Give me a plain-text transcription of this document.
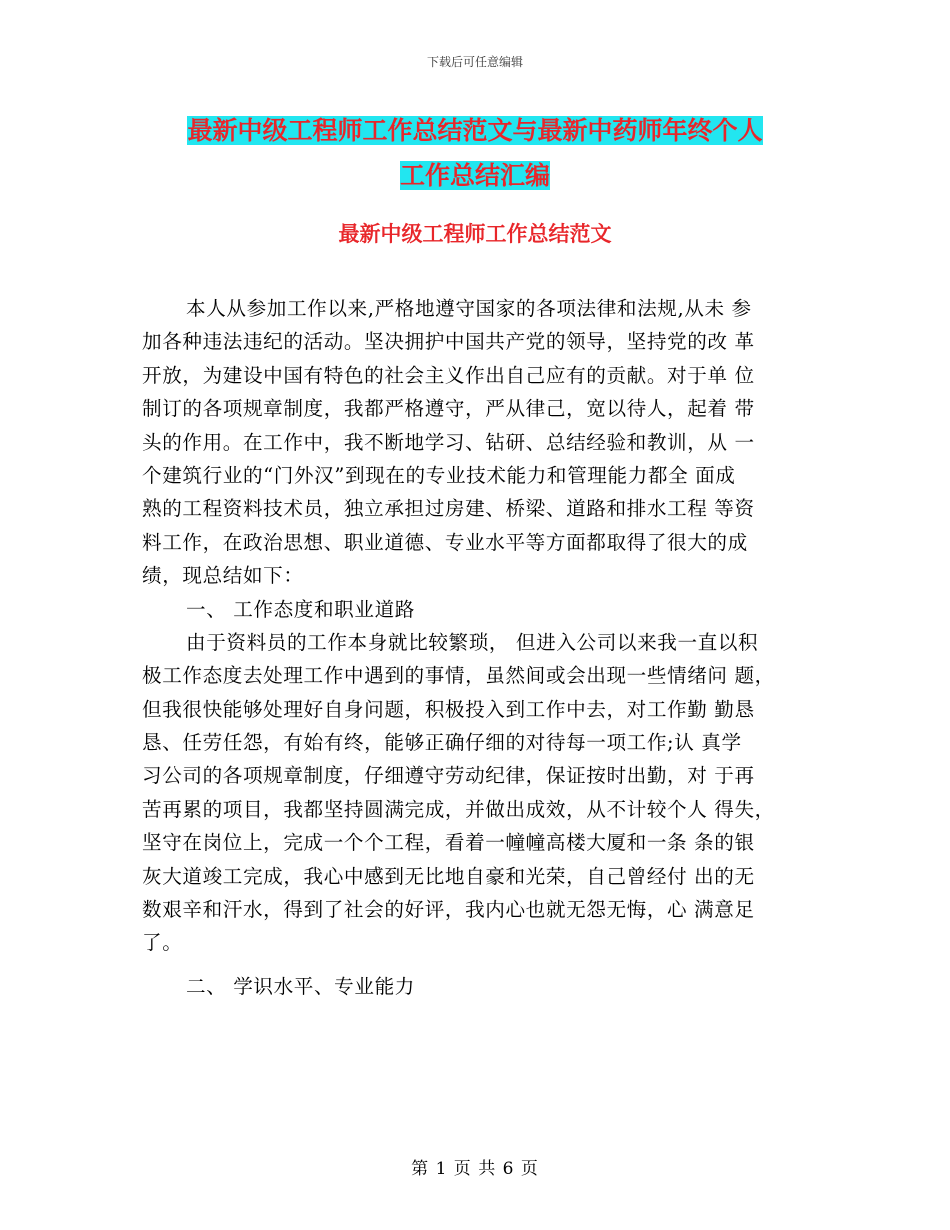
下载后可任意编辑
最新中级工程师工作总结范文与最新中药师年终个人
工作总结汇编
最新中级工程师工作总结范文
本人从参加工作以来,严格地遵守国家的各项法律和法规,从未 参
加各种违法违纪的活动。坚决拥护中国共产党的领导，坚持党的改 革
开放，为建设中国有特色的社会主义作出自己应有的贡献。对于单 位
制订的各项规章制度，我都严格遵守，严从律己，宽以待人，起着 带
头的作用。在工作中，我不断地学习、钻研、总结经验和教训，从 一
个建筑行业的“门外汉”到现在的专业技术能力和管理能力都全 面成
熟的工程资料技术员，独立承担过房建、桥梁、道路和排水工程 等资
料工作，在政治思想、职业道德、专业水平等方面都取得了很大的成
绩，现总结如下：
一、 工作态度和职业道路
由于资料员的工作本身就比较繁琐， 但进入公司以来我一直以积
极工作态度去处理工作中遇到的事情，虽然间或会出现一些情绪问 题，
但我很快能够处理好自身问题，积极投入到工作中去，对工作勤 勤恳
恳、任劳任怨，有始有终，能够正确仔细的对待每一项工作;认 真学
习公司的各项规章制度，仔细遵守劳动纪律，保证按时出勤，对 于再
苦再累的项目，我都坚持圆满完成，并做出成效，从不计较个人 得失，
坚守在岗位上，完成一个个工程，看着一幢幢高楼大厦和一条 条的银
灰大道竣工完成，我心中感到无比地自豪和光荣，自己曾经付 出的无
数艰辛和汗水，得到了社会的好评，我内心也就无怨无悔，心 满意足
了。
二、 学识水平、专业能力
第 1 页 共 6 页
